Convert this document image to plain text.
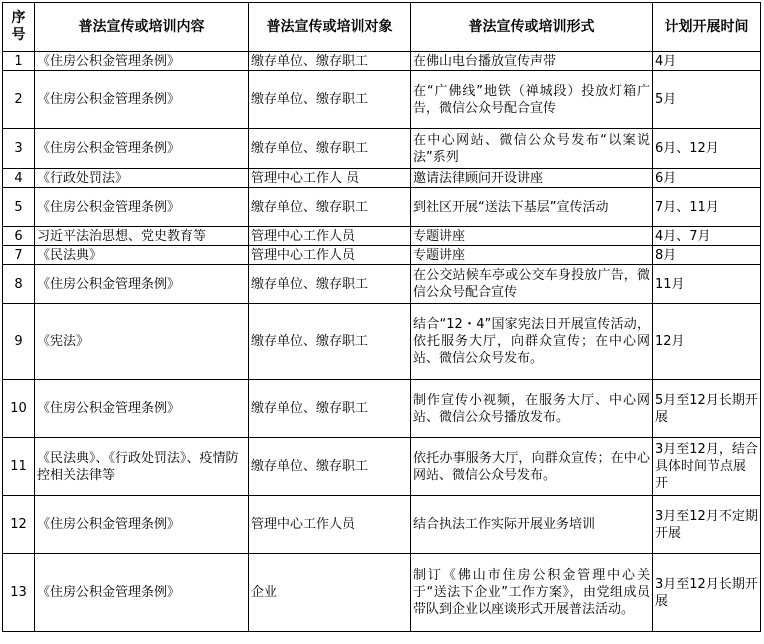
序号	普法宣传或培训内容	普法宣传或培训对象	普法宣传或培训形式	计划开展时间
1	《住房公积金管理条例》	缴存单位、缴存职工	在佛山电台播放宣传声带	4月
2	《住房公积金管理条例》	缴存单位、缴存职工	在“广佛线”地铁（禅城段）投放灯箱广告，微信公众号配合宣传	5月
3	《住房公积金管理条例》	缴存单位、缴存职工	在中心网站、微信公众号发布“以案说法”系列	6月、12月
4	《行政处罚法》	管理中心工作人 员	邀请法律顾问开设讲座	6月
5	《住房公积金管理条例》	缴存单位、缴存职工	到社区开展“送法下基层”宣传活动	7月、11月
6	习近平法治思想、党史教育等	管理中心工作人员	专题讲座	4月、7月
7	《民法典》	管理中心工作人员	专题讲座	8月
8	《住房公积金管理条例》	缴存单位、缴存职工	在公交站候车亭或公交车身投放广告，微信公众号配合宣传	11月
9	《宪法》	缴存单位、缴存职工	结合“12・4”国家宪法日开展宣传活动，依托服务大厅，向群众宣传；在中心网站、微信公众号发布。	12月
10	《住房公积金管理条例》	缴存单位、缴存职工	制作宣传小视频，在服务大厅、中心网站、微信公众号播放发布。	5月至12月长期开展
11	《民法典》、《行政处罚法》、疫情防控相关法律等	缴存单位、缴存职工	依托办事服务大厅，向群众宣传；在中心网站、微信公众号发布。	3月至12月，结合具体时间节点展开
12	《住房公积金管理条例》	管理中心工作人员	结合执法工作实际开展业务培训	3月至12月不定期开展
13	《住房公积金管理条例》	企业	制订《佛山市住房公积金管理中心关于“送法下企业”工作方案》，由党组成员带队到企业以座谈形式开展普法活动。	3月至12月长期开展
